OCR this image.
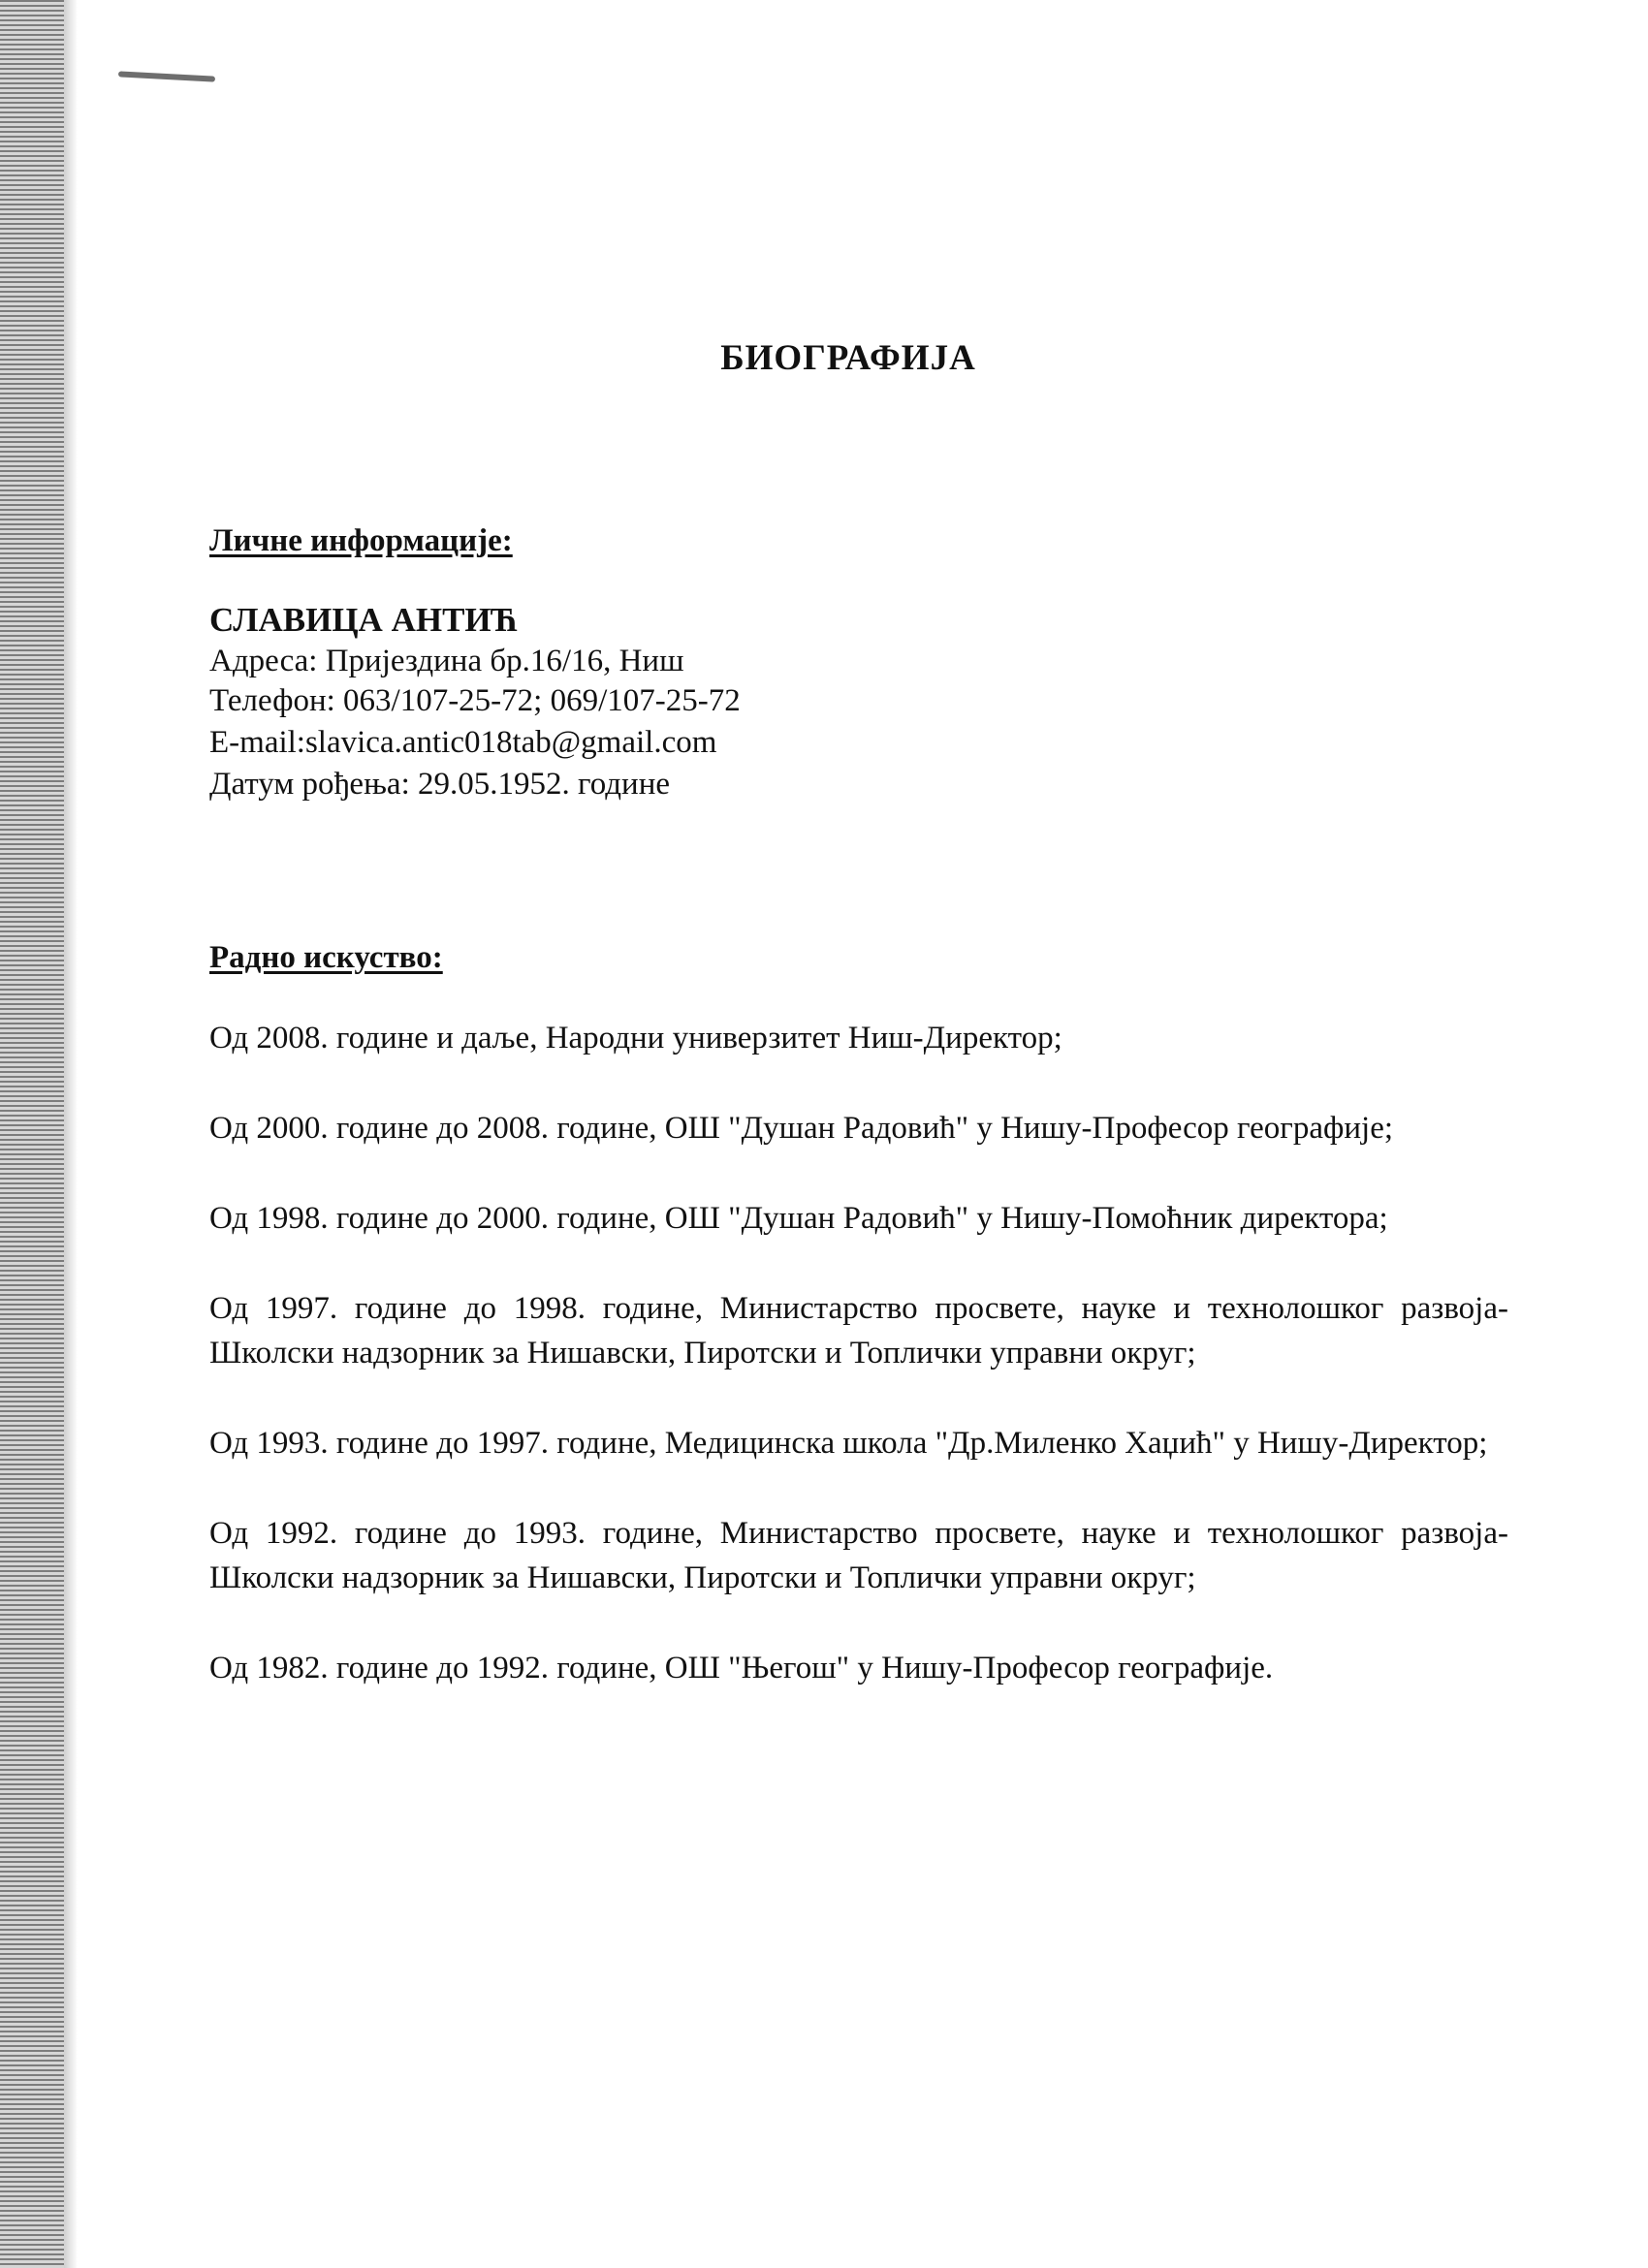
БИОГРАФИЈА
Личне информације:

СЛАВИЦА АНТИЋ

Адреса: Пријездина бр.16/16, Ниш

Телефон: 063/107-25-72; 069/107-25-72

E-mail:slavica.antic018tab@gmail.com

Датум рођења: 29.05.1952. године

Радно искуство:
Од 2008. године и даље, Народни универзитет Ниш-Директор;
Од 2000. године до 2008. године, ОШ "Душан Радовић" у Нишу-Професор географије;
Од 1998. године до 2000. године, ОШ "Душан Радовић" у Нишу-Помоћник директора;
Од 1997. године до 1998. године, Министарство просвете, науке и технолошког развоја-Школски надзорник за Нишавски, Пиротски и Топлички управни округ;
Од 1993. године до 1997. године, Медицинска школа "Др.Миленко Хаџић" у Нишу-Директор;
Од 1992. године до 1993. године, Министарство просвете, науке и технолошког развоја-Школски надзорник за Нишавски, Пиротски и Топлички управни округ;
Од 1982. године до 1992. године, ОШ "Његош" у Нишу-Професор географије.
